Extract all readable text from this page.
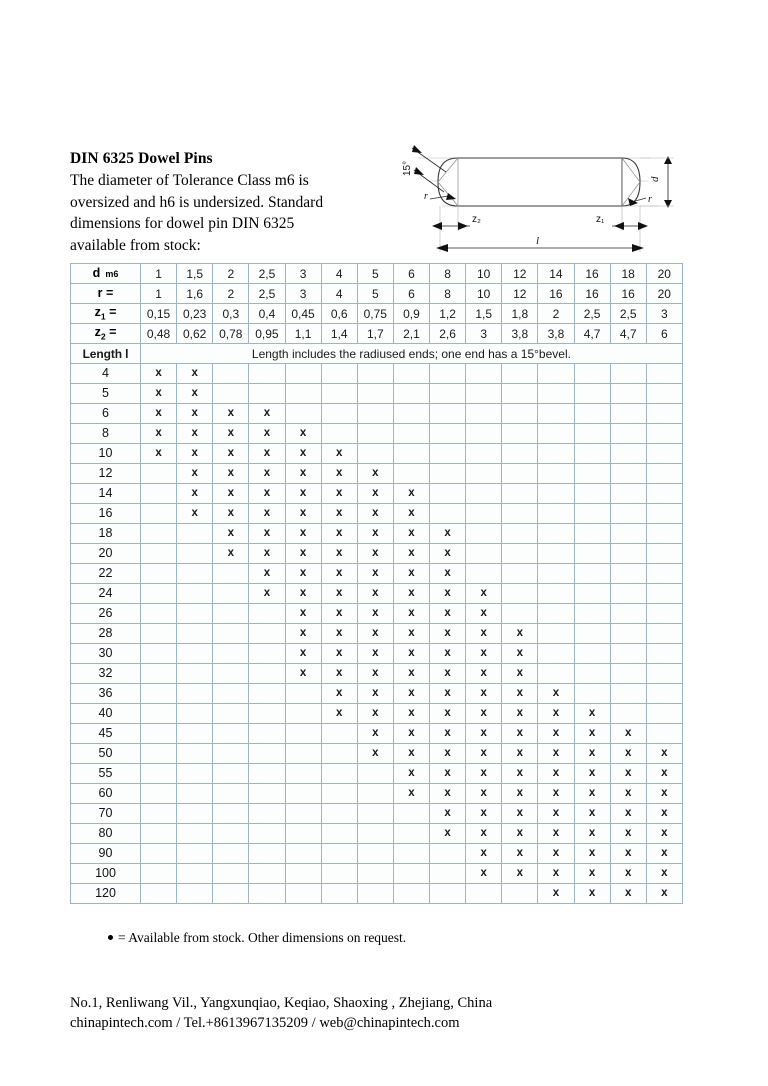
DIN 6325 Dowel Pins
The diameter of Tolerance Class m6 is
oversized and h6 is undersized. Standard
dimensions for dowel pin DIN 6325
available from stock:
15°
r	r
d
z₂	z₁
l
d m6	1	1,5	2	2,5	3	4	5	6	8	10	12	14	16	18	20
r =	1	1,6	2	2,5	3	4	5	6	8	10	12	16	16	16	20
$z_1$ =	0,15	0,23	0,3	0,4	0,45	0,6	0,75	0,9	1,2	1,5	1,8	2	2,5	2,5	3
$z_2$ =	0,48	0,62	0,78	0,95	1,1	1,4	1,7	2,1	2,6	3	3,8	3,8	4,7	4,7	6
Length l	Length includes the radiused ends; one end has a 15°bevel.														
4	x	x													
5	x	x													
6	x	x	x	x											
8	x	x	x	x	x										
10	x	x	x	x	x	x									
12		x	x	x	x	x	x								
14		x	x	x	x	x	x	x							
16		x	x	x	x	x	x	x							
18			x	x	x	x	x	x	x						
20			x	x	x	x	x	x	x						
22				x	x	x	x	x	x						
24				x	x	x	x	x	x	x					
26					x	x	x	x	x	x					
28					x	x	x	x	x	x	x				
30					x	x	x	x	x	x	x				
32					x	x	x	x	x	x	x				
36						x	x	x	x	x	x	x			
40						x	x	x	x	x	x	x	x		
45							x	x	x	x	x	x	x	x	
50							x	x	x	x	x	x	x	x	x
55								x	x	x	x	x	x	x	x
60								x	x	x	x	x	x	x	x
70									x	x	x	x	x	x	x
80									x	x	x	x	x	x	x
90										x	x	x	x	x	x
100										x	x	x	x	x	x
120												x	x	x	x
= Available from stock. Other dimensions on request.
No.1, Renliwang Vil., Yangxunqiao, Keqiao, Shaoxing , Zhejiang, China
chinapintech.com / Tel.+8613967135209 / web@chinapintech.com
